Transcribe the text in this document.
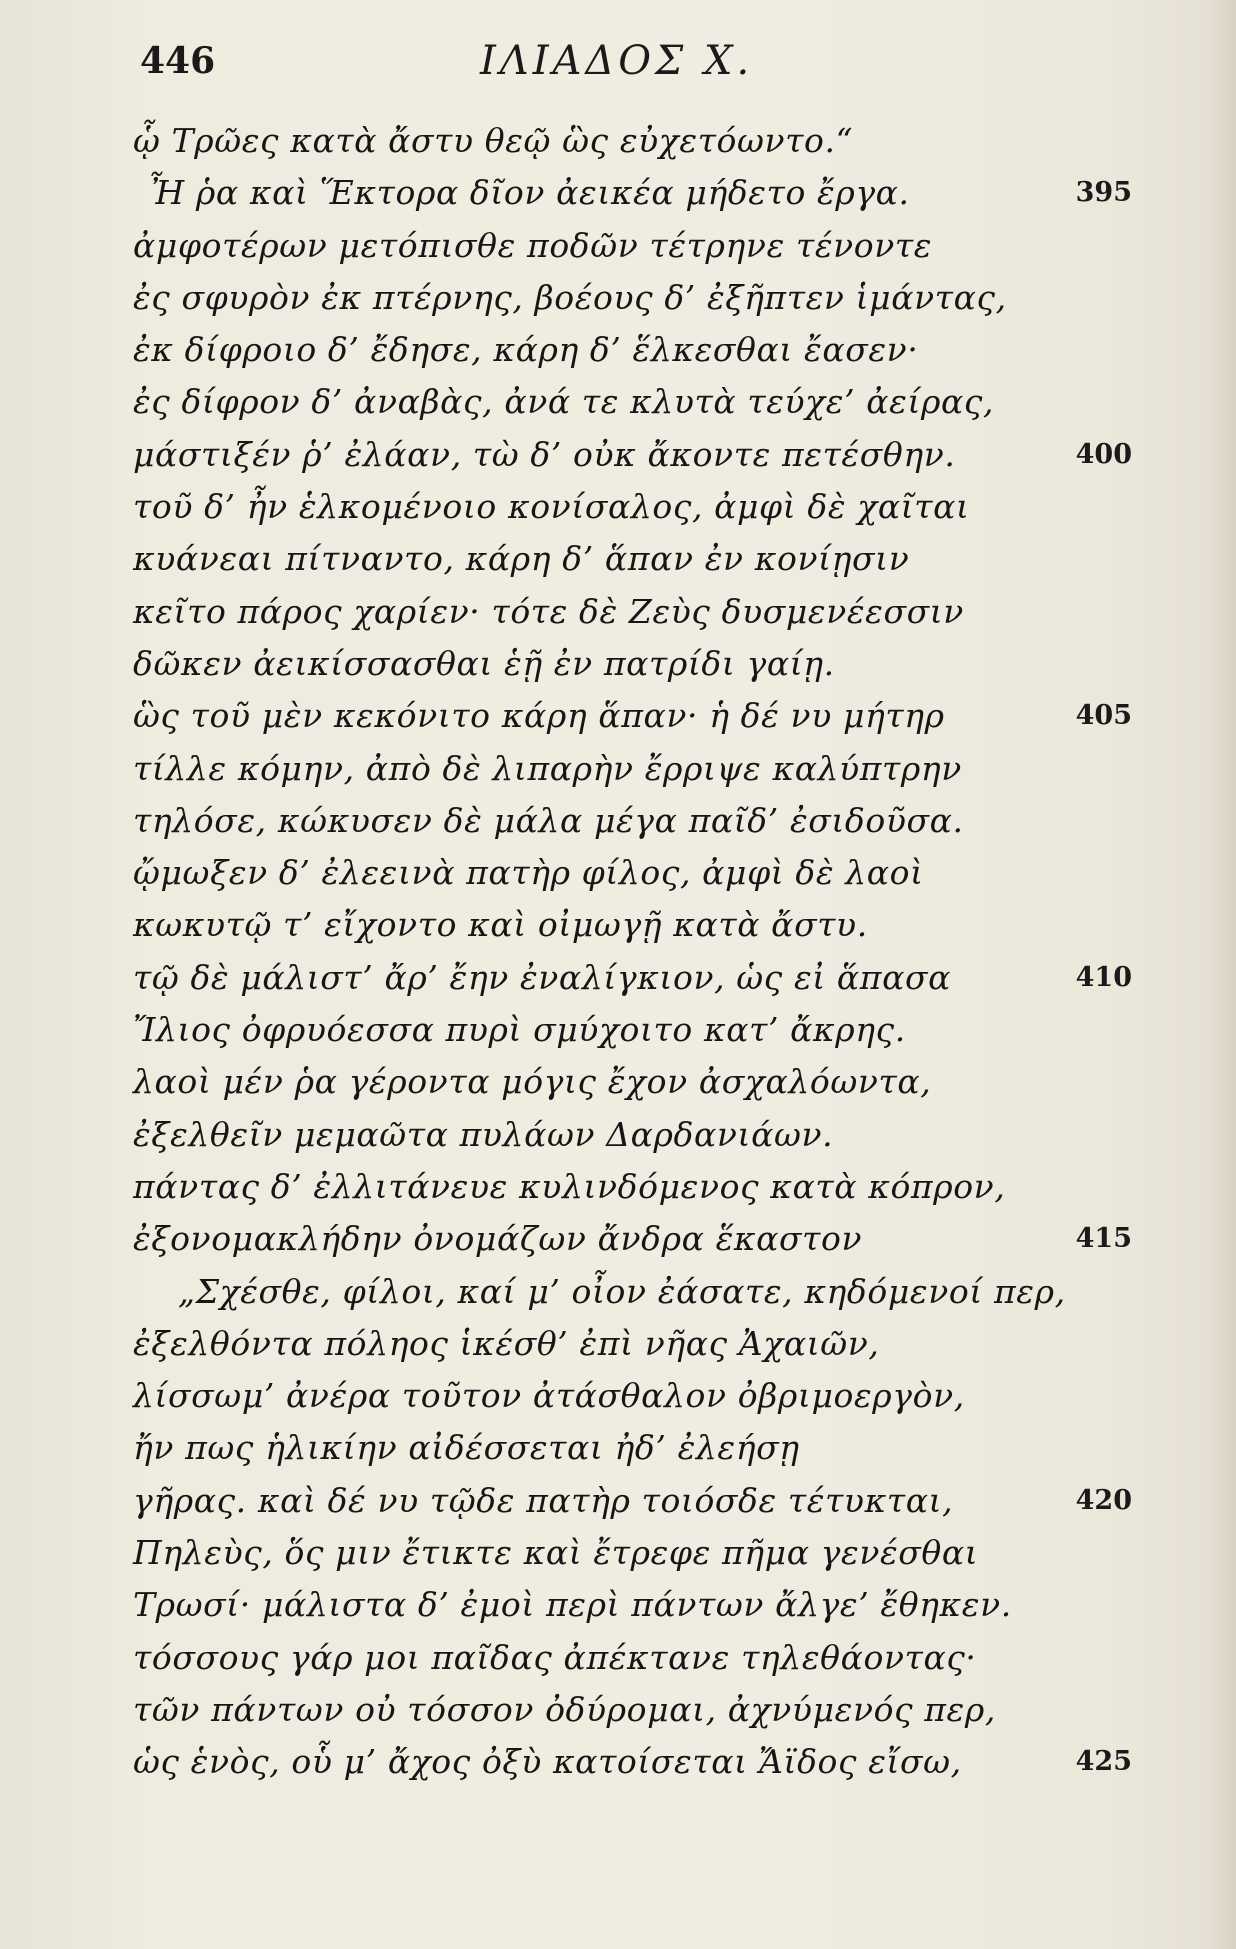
446	ΙΛΙΑΔΟΣ Χ.
ᾧ Τρῶες κατὰ ἄστυ θεῷ ὣς εὐχετόωντο.“
Ἦ ῥα καὶ Ἕκτορα δῖον ἀεικέα μήδετο ἔργα.	395
ἀμφοτέρων μετόπισθε ποδῶν τέτρηνε τένοντε
ἐς σφυρὸν ἐκ πτέρνης, βοέους δ’ ἐξῆπτεν ἱμάντας,
ἐκ δίφροιο δ’ ἔδησε, κάρη δ’ ἕλκεσθαι ἔασεν·
ἐς δίφρον δ’ ἀναβὰς, ἀνά τε κλυτὰ τεύχε’ ἀείρας,
μάστιξέν ῥ’ ἐλάαν, τὼ δ’ οὐκ ἄκοντε πετέσθην.	400
τοῦ δ’ ἦν ἑλκομένοιο κονίσαλος, ἀμφὶ δὲ χαῖται
κυάνεαι πίτναντο, κάρη δ’ ἅπαν ἐν κονίῃσιν
κεῖτο πάρος χαρίεν· τότε δὲ Ζεὺς δυσμενέεσσιν
δῶκεν ἀεικίσσασθαι ἑῇ ἐν πατρίδι γαίῃ.
ὣς τοῦ μὲν κεκόνιτο κάρη ἅπαν· ἡ δέ νυ μήτηρ	405
τίλλε κόμην, ἀπὸ δὲ λιπαρὴν ἔρριψε καλύπτρην
τηλόσε, κώκυσεν δὲ μάλα μέγα παῖδ’ ἐσιδοῦσα.
ᾤμωξεν δ’ ἐλεεινὰ πατὴρ φίλος, ἀμφὶ δὲ λαοὶ
κωκυτῷ τ’ εἴχοντο καὶ οἰμωγῇ κατὰ ἄστυ.
τῷ δὲ μάλιστ’ ἄρ’ ἔην ἐναλίγκιον, ὡς εἰ ἅπασα	410
Ἴλιος ὀφρυόεσσα πυρὶ σμύχοιτο κατ’ ἄκρης.
λαοὶ μέν ῥα γέροντα μόγις ἔχον ἀσχαλόωντα,
ἐξελθεῖν μεμαῶτα πυλάων Δαρδανιάων.
πάντας δ’ ἐλλιτάνευε κυλινδόμενος κατὰ κόπρον,
ἐξονομακλήδην ὀνομάζων ἄνδρα ἕκαστον	415
„Σχέσθε, φίλοι, καί μ’ οἶον ἐάσατε, κηδόμενοί περ,
ἐξελθόντα πόληος ἱκέσθ’ ἐπὶ νῆας Ἀχαιῶν,
λίσσωμ’ ἀνέρα τοῦτον ἀτάσθαλον ὀβριμοεργὸν,
ἤν πως ἡλικίην αἰδέσσεται ἠδ’ ἐλεήσῃ
γῆρας. καὶ δέ νυ τῷδε πατὴρ τοιόσδε τέτυκται,	420
Πηλεὺς, ὅς μιν ἔτικτε καὶ ἔτρεφε πῆμα γενέσθαι
Τρωσί· μάλιστα δ’ ἐμοὶ περὶ πάντων ἄλγε’ ἔθηκεν.
τόσσους γάρ μοι παῖδας ἀπέκτανε τηλεθάοντας·
τῶν πάντων οὐ τόσσον ὀδύρομαι, ἀχνύμενός περ,
ὡς ἑνὸς, οὗ μ’ ἄχος ὀξὺ κατοίσεται Ἄϊδος εἴσω,	425
